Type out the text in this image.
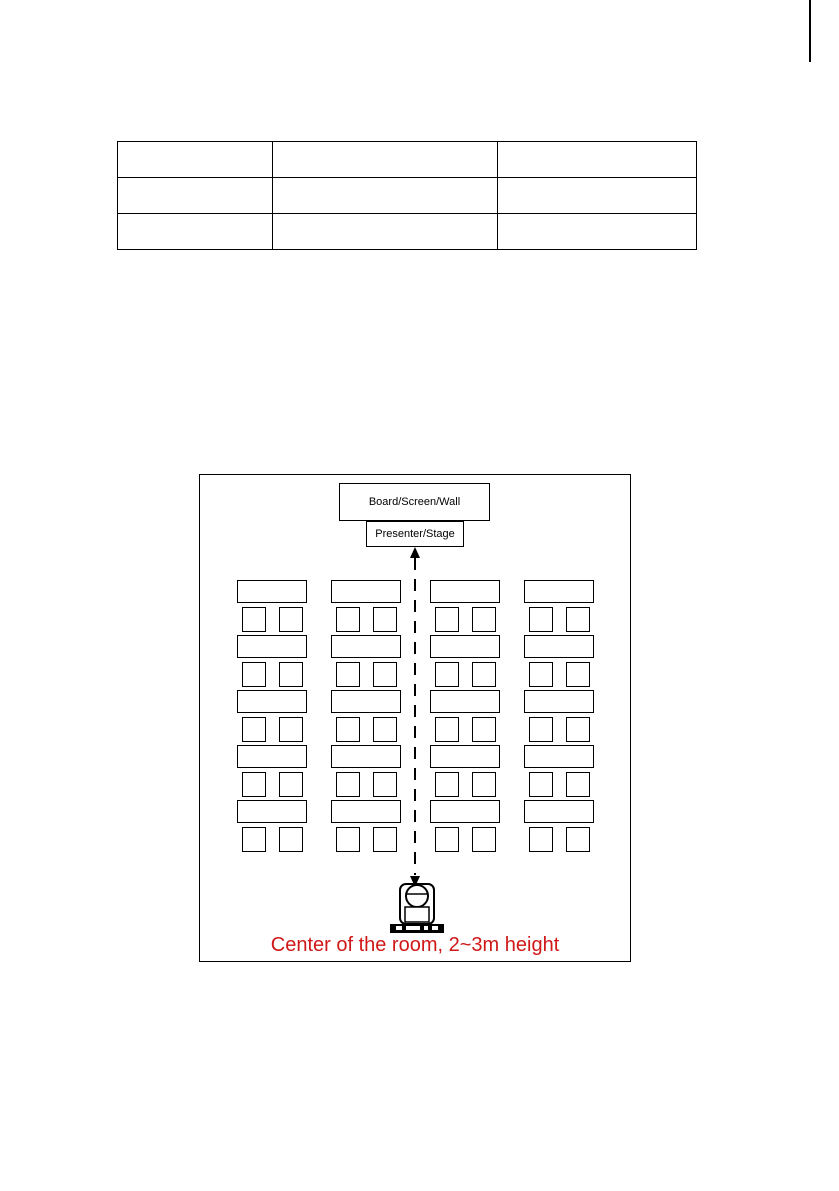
Board/Screen/Wall
Presenter/Stage
Center of the room, 2~3m height
